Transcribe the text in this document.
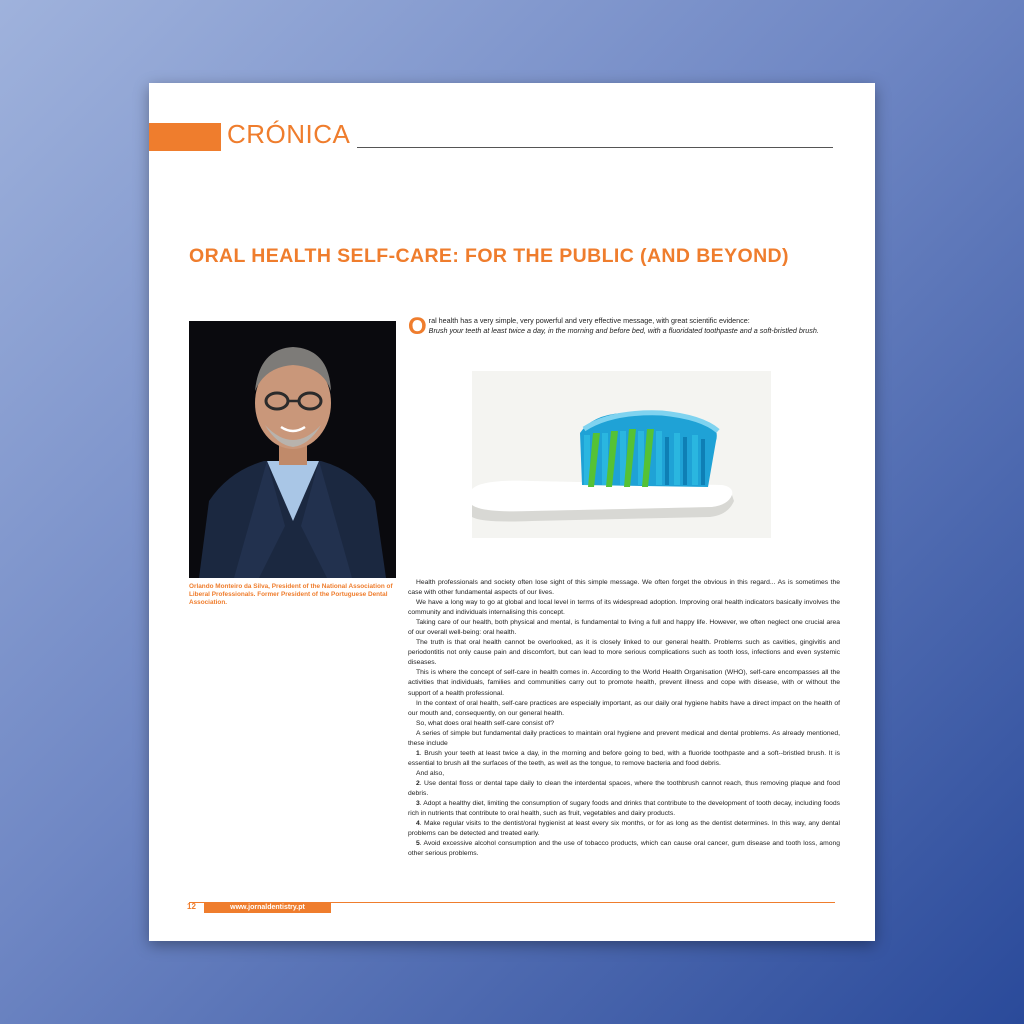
CRÓNICA
ORAL HEALTH SELF-CARE: FOR THE PUBLIC (AND BEYOND)

Orlando Monteiro da Silva, President of the National Association of Liberal Professionals. Former President of the Portuguese Dental Association.

Oral health has a very simple, very powerful and very effective message, with great scientific evidence:
Brush your teeth at least twice a day, in the morning and before bed, with a fluoridated toothpaste and a soft-bristled brush.

Health professionals and society often lose sight of this simple message. We often forget the obvious in this regard... As is sometimes the case with other fundamental aspects of our lives.

We have a long way to go at global and local level in terms of its widespread adoption. Improving oral health indicators basically involves the community and individuals internalising this concept.

Taking care of our health, both physical and mental, is fundamental to living a full and happy life. However, we often neglect one crucial area of our overall well-being: oral health.

The truth is that oral health cannot be overlooked, as it is closely linked to our general health. Problems such as cavities, gingivitis and periodontitis not only cause pain and discomfort, but can lead to more serious complications such as tooth loss, infections and even systemic diseases.

This is where the concept of self-care in health comes in. According to the World Health Organisation (WHO), self-care encompasses all the activities that individuals, families and communities carry out to promote health, prevent illness and cope with disease, with or without the support of a health professional.

In the context of oral health, self-care practices are especially important, as our daily oral hygiene habits have a direct impact on the health of our mouth and, consequently, on our general health.

So, what does oral health self-care consist of?

A series of simple but fundamental daily practices to maintain oral hygiene and prevent medical and dental problems. As already mentioned, these include

1. Brush your teeth at least twice a day, in the morning and before going to bed, with a fluoride toothpaste and a soft--bristled brush. It is essential to brush all the surfaces of the teeth, as well as the tongue, to remove bacteria and food debris.

And also,

2. Use dental floss or dental tape daily to clean the interdental spaces, where the toothbrush cannot reach, thus removing plaque and food debris.

3. Adopt a healthy diet, limiting the consumption of sugary foods and drinks that contribute to the development of tooth decay, including foods rich in nutrients that contribute to oral health, such as fruit, vegetables and dairy products.

4. Make regular visits to the dentist/oral hygienist at least every six months, or for as long as the dentist determines. In this way, any dental problems can be detected and treated early.

5. Avoid excessive alcohol consumption and the use of tobacco products, which can cause oral cancer, gum disease and tooth loss, among other serious problems.

12	www.jornaldentistry.pt
